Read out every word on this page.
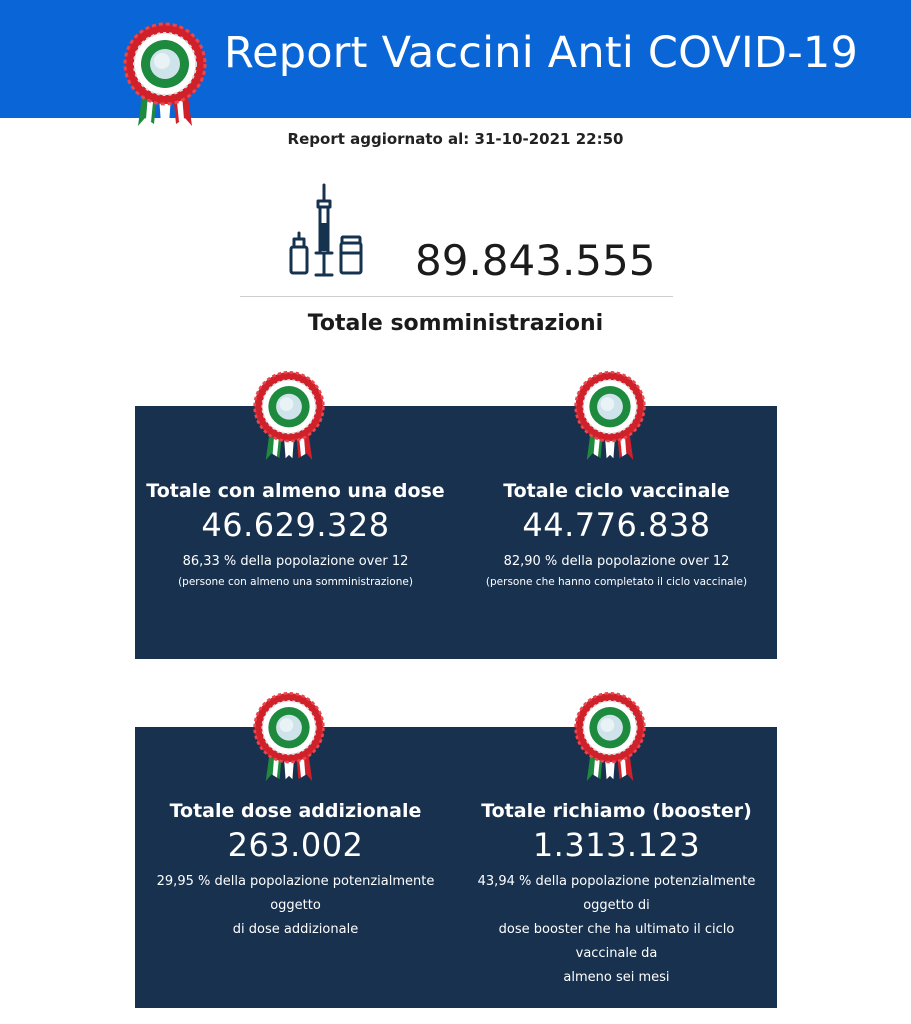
Report Vaccini Anti COVID-19
Report aggiornato al: 31-10-2021 22:50
89.843.555
Totale somministrazioni
Totale con almeno una dose
46.629.328
86,33 % della popolazione over 12
(persone con almeno una somministrazione)
Totale ciclo vaccinale
44.776.838
82,90 % della popolazione over 12
(persone che hanno completato il ciclo vaccinale)
Totale dose addizionale
263.002
29,95 % della popolazione potenzialmente
oggetto
di dose addizionale
Totale richiamo (booster)
1.313.123
43,94 % della popolazione potenzialmente
oggetto di
dose booster che ha ultimato il ciclo
vaccinale da
almeno sei mesi
